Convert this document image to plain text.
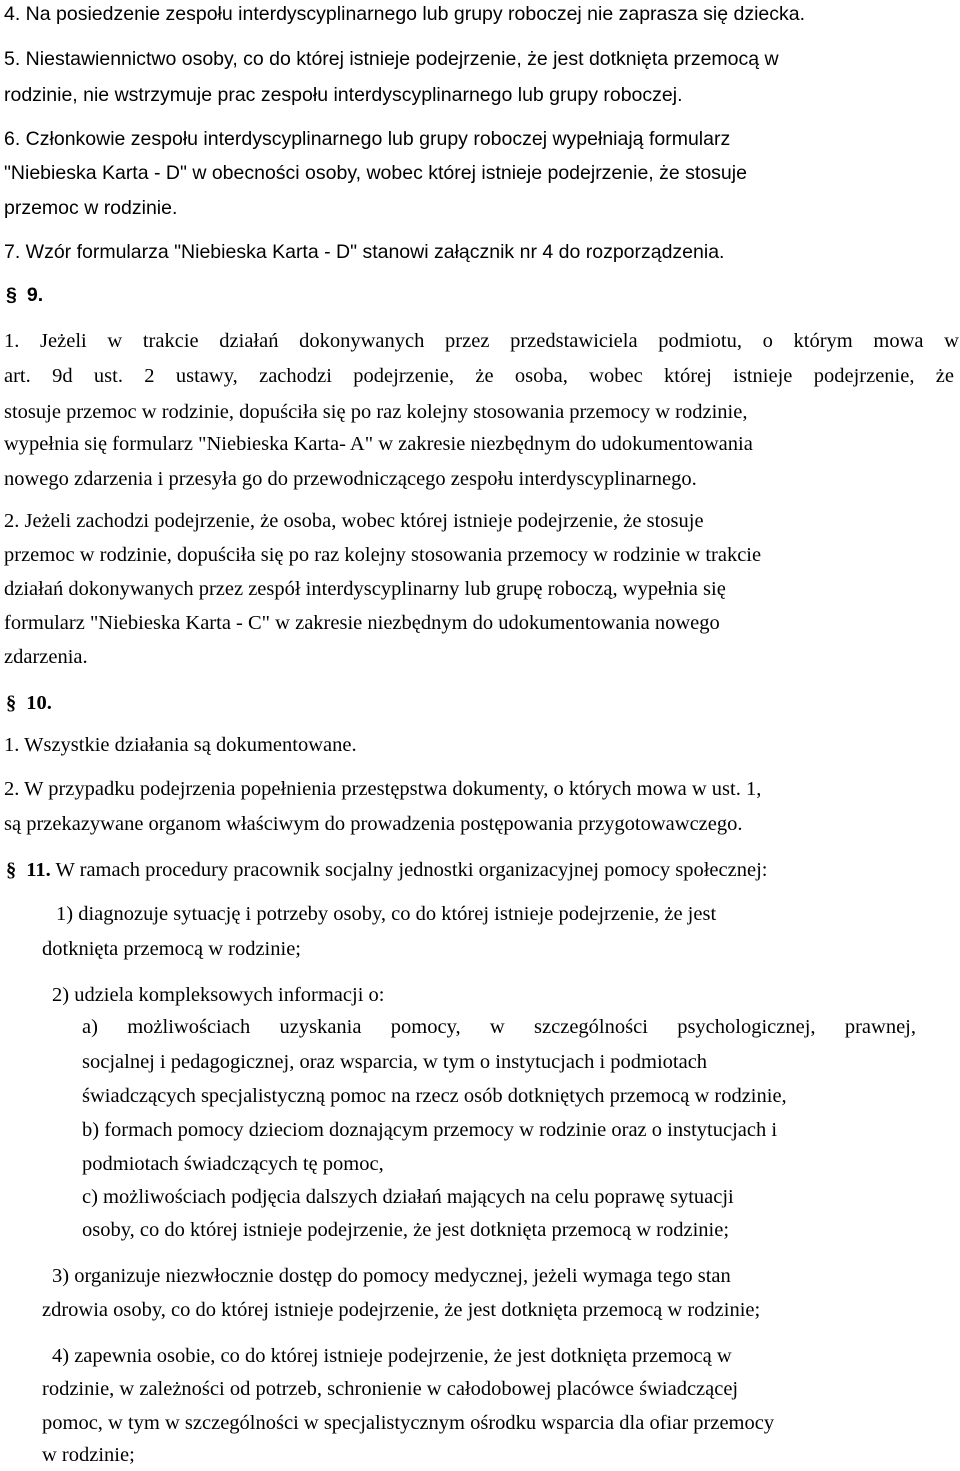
4. Na posiedzenie zespołu interdyscyplinarnego lub grupy roboczej nie zaprasza się dziecka.
5. Niestawiennictwo osoby, co do której istnieje podejrzenie, że jest dotknięta przemocą w
rodzinie, nie wstrzymuje prac zespołu interdyscyplinarnego lub grupy roboczej.
6. Członkowie zespołu interdyscyplinarnego lub grupy roboczej wypełniają formularz
"Niebieska Karta - D" w obecności osoby, wobec której istnieje podejrzenie, że stosuje
przemoc w rodzinie.
7. Wzór formularza "Niebieska Karta - D" stanowi załącznik nr 4 do rozporządzenia.
§ 9.
1. Jeżeli w trakcie działań dokonywanych przez przedstawiciela podmiotu, o którym mowa w
art. 9d ust. 2 ustawy, zachodzi podejrzenie, że osoba, wobec której istnieje podejrzenie, że
stosuje przemoc w rodzinie, dopuściła się po raz kolejny stosowania przemocy w rodzinie,
wypełnia się formularz "Niebieska Karta- A" w zakresie niezbędnym do udokumentowania
nowego zdarzenia i przesyła go do przewodniczącego zespołu interdyscyplinarnego.
2. Jeżeli zachodzi podejrzenie, że osoba, wobec której istnieje podejrzenie, że stosuje
przemoc w rodzinie, dopuściła się po raz kolejny stosowania przemocy w rodzinie w trakcie
działań dokonywanych przez zespół interdyscyplinarny lub grupę roboczą, wypełnia się
formularz "Niebieska Karta - C" w zakresie niezbędnym do udokumentowania nowego
zdarzenia.
§ 10.
1. Wszystkie działania są dokumentowane.
2. W przypadku podejrzenia popełnienia przestępstwa dokumenty, o których mowa w ust. 1,
są przekazywane organom właściwym do prowadzenia postępowania przygotowawczego.
§ 11. W ramach procedury pracownik socjalny jednostki organizacyjnej pomocy społecznej:
1) diagnozuje sytuację i potrzeby osoby, co do której istnieje podejrzenie, że jest
dotknięta przemocą w rodzinie;
2) udziela kompleksowych informacji o:
a) możliwościach uzyskania pomocy, w szczególności psychologicznej, prawnej,
socjalnej i pedagogicznej, oraz wsparcia, w tym o instytucjach i podmiotach
świadczących specjalistyczną pomoc na rzecz osób dotkniętych przemocą w rodzinie,
b) formach pomocy dzieciom doznającym przemocy w rodzinie oraz o instytucjach i
podmiotach świadczących tę pomoc,
c) możliwościach podjęcia dalszych działań mających na celu poprawę sytuacji
osoby, co do której istnieje podejrzenie, że jest dotknięta przemocą w rodzinie;
3) organizuje niezwłocznie dostęp do pomocy medycznej, jeżeli wymaga tego stan
zdrowia osoby, co do której istnieje podejrzenie, że jest dotknięta przemocą w rodzinie;
4) zapewnia osobie, co do której istnieje podejrzenie, że jest dotknięta przemocą w
rodzinie, w zależności od potrzeb, schronienie w całodobowej placówce świadczącej
pomoc, w tym w szczególności w specjalistycznym ośrodku wsparcia dla ofiar przemocy
w rodzinie;
